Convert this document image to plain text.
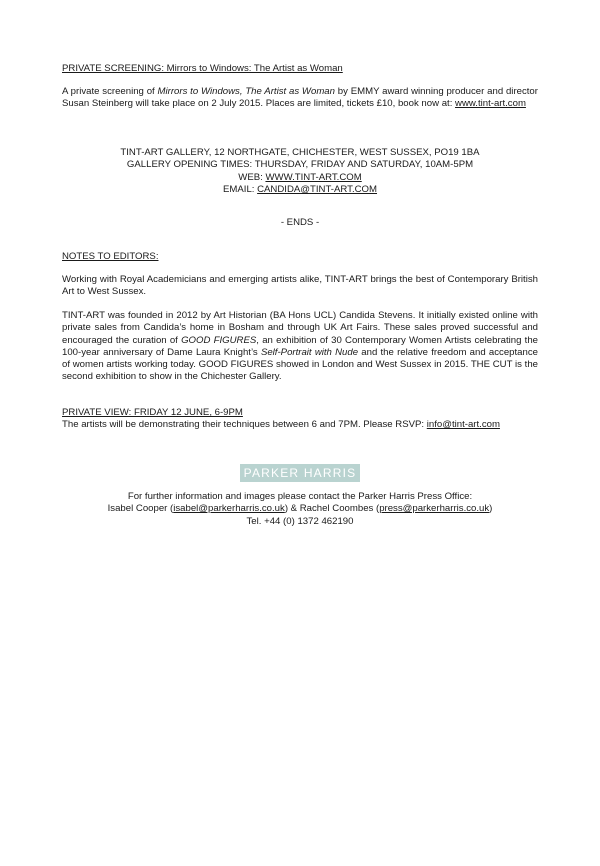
PRIVATE SCREENING: Mirrors to Windows: The Artist as Woman
A private screening of Mirrors to Windows, The Artist as Woman by EMMY award winning producer and director Susan Steinberg will take place on 2 July 2015. Places are limited, tickets £10, book now at: www.tint-art.com
TINT-ART GALLERY, 12 NORTHGATE, CHICHESTER, WEST SUSSEX, PO19 1BA
GALLERY OPENING TIMES: THURSDAY, FRIDAY AND SATURDAY, 10AM-5PM
WEB: WWW.TINT-ART.COM
EMAIL: CANDIDA@TINT-ART.COM
- ENDS -
NOTES TO EDITORS:
Working with Royal Academicians and emerging artists alike, TINT-ART brings the best of Contemporary British Art to West Sussex.
TINT-ART was founded in 2012 by Art Historian (BA Hons UCL) Candida Stevens. It initially existed online with private sales from Candida’s home in Bosham and through UK Art Fairs. These sales proved successful and encouraged the curation of GOOD FIGURES, an exhibition of 30 Contemporary Women Artists celebrating the 100-year anniversary of Dame Laura Knight’s Self-Portrait with Nude and the relative freedom and acceptance of women artists working today. GOOD FIGURES showed in London and West Sussex in 2015. THE CUT is the second exhibition to show in the Chichester Gallery.
PRIVATE VIEW: FRIDAY 12 JUNE, 6-9PM
The artists will be demonstrating their techniques between 6 and 7PM. Please RSVP: info@tint-art.com
PARKER HARRIS
For further information and images please contact the Parker Harris Press Office:
Isabel Cooper (isabel@parkerharris.co.uk) & Rachel Coombes (press@parkerharris.co.uk)
Tel. +44 (0) 1372 462190
